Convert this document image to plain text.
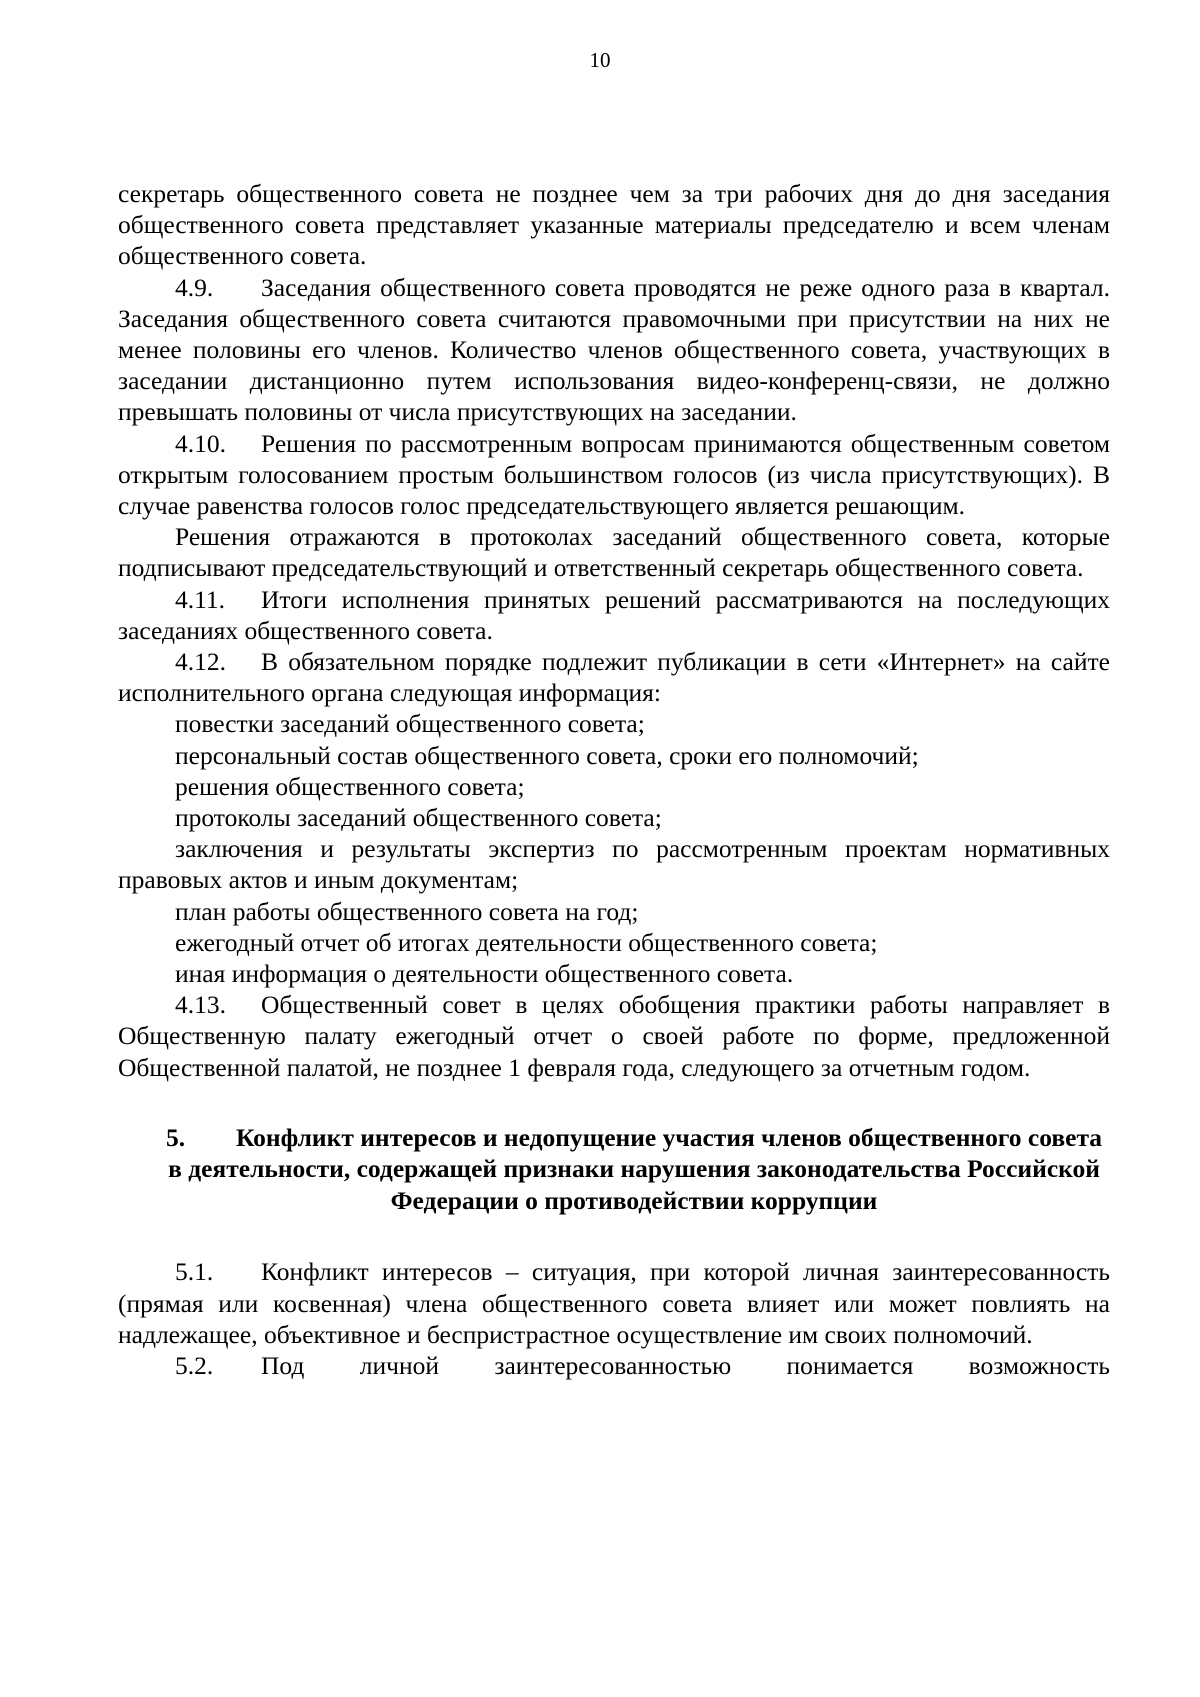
10

секретарь общественного совета не позднее чем за три рабочих дня до дня заседания общественного совета представляет указанные материалы председателю и всем членам общественного совета.

4.9. Заседания общественного совета проводятся не реже одного раза в квартал. Заседания общественного совета считаются правомочными при присутствии на них не менее половины его членов. Количество членов общественного совета, участвующих в заседании дистанционно путем использования видео-конференц-связи, не должно превышать половины от числа присутствующих на заседании.

4.10. Решения по рассмотренным вопросам принимаются общественным советом открытым голосованием простым большинством голосов (из числа присутствующих). В случае равенства голосов голос председательствующего является решающим.

Решения отражаются в протоколах заседаний общественного совета, которые подписывают председательствующий и ответственный секретарь общественного совета.

4.11. Итоги исполнения принятых решений рассматриваются на последующих заседаниях общественного совета.

4.12. В обязательном порядке подлежит публикации в сети «Интернет» на сайте исполнительного органа следующая информация:

повестки заседаний общественного совета;

персональный состав общественного совета, сроки его полномочий;

решения общественного совета;

протоколы заседаний общественного совета;

заключения и результаты экспертиз по рассмотренным проектам нормативных правовых актов и иным документам;

план работы общественного совета на год;

ежегодный отчет об итогах деятельности общественного совета;

иная информация о деятельности общественного совета.

4.13. Общественный совет в целях обобщения практики работы направляет в Общественную палату ежегодный отчет о своей работе по форме, предложенной Общественной палатой, не позднее 1 февраля года, следующего за отчетным годом.

5. Конфликт интересов и недопущение участия членов общественного совета в деятельности, содержащей признаки нарушения законодательства Российской Федерации о противодействии коррупции

5.1. Конфликт интересов – ситуация, при которой личная заинтересованность (прямая или косвенная) члена общественного совета влияет или может повлиять на надлежащее, объективное и беспристрастное осуществление им своих полномочий.

5.2. Под личной заинтересованностью понимается возможность
